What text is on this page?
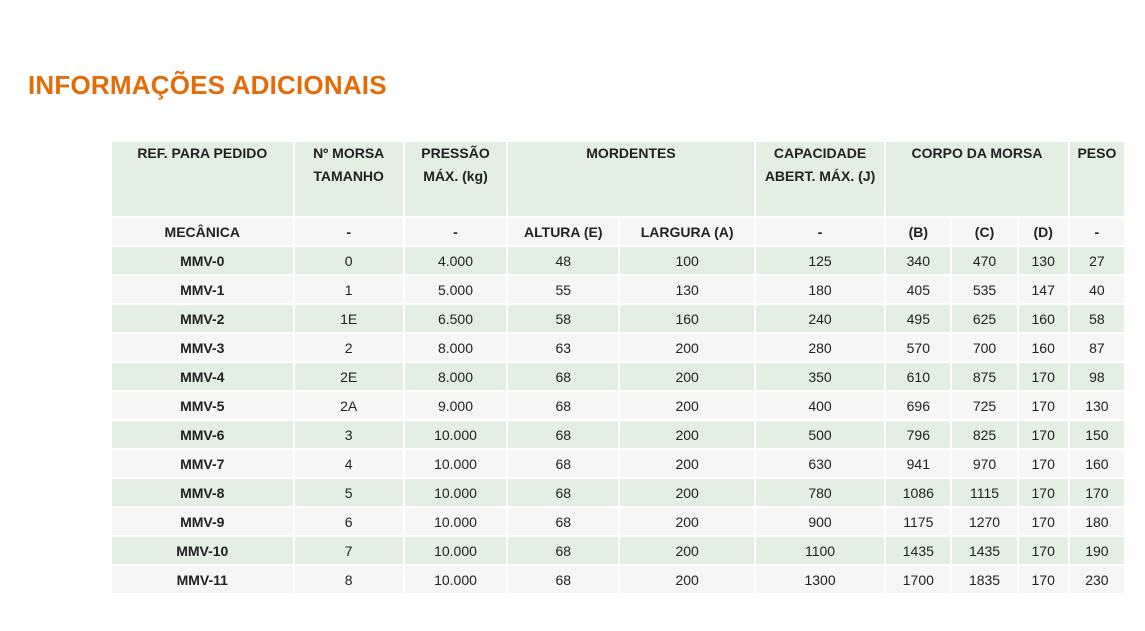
INFORMAÇÕES ADICIONAIS
REF. PARA PEDIDO	Nº MORSA TAMANHO	PRESSÃO MÁX. (kg)	MORDENTES		CAPACIDADE ABERT. MÁX. (J)	CORPO DA MORSA			PESO
MECÂNICA	-	-	ALTURA (E)	LARGURA (A)	-	(B)	(C)	(D)	-
MMV-0	0	4.000	48	100	125	340	470	130	27
MMV-1	1	5.000	55	130	180	405	535	147	40
MMV-2	1E	6.500	58	160	240	495	625	160	58
MMV-3	2	8.000	63	200	280	570	700	160	87
MMV-4	2E	8.000	68	200	350	610	875	170	98
MMV-5	2A	9.000	68	200	400	696	725	170	130
MMV-6	3	10.000	68	200	500	796	825	170	150
MMV-7	4	10.000	68	200	630	941	970	170	160
MMV-8	5	10.000	68	200	780	1086	1115	170	170
MMV-9	6	10.000	68	200	900	1175	1270	170	180
MMV-10	7	10.000	68	200	1100	1435	1435	170	190
MMV-11	8	10.000	68	200	1300	1700	1835	170	230
